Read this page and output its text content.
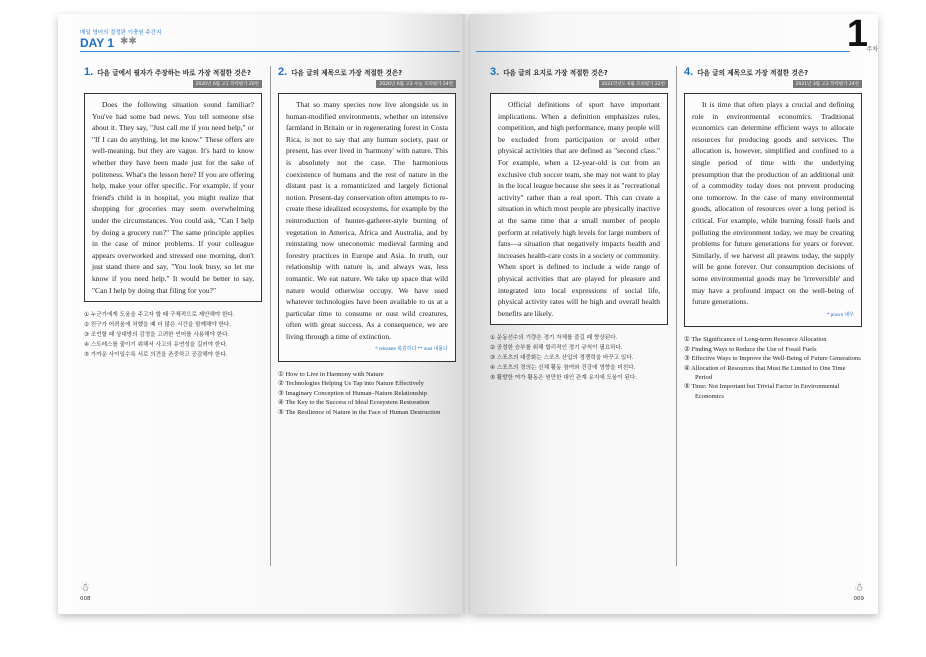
매일 영어의 결정판 이충원 주간지
DAY 1 ✱✱
1. 다음 글에서 필자가 주장하는 바로 가장 적절한 것은?
2020년 6월 고1 학력평가 20번

Does the following situation sound familiar? You've had some bad news. You tell someone else about it. They say, "Just call me if you need help," or "If I can do anything, let me know." These offers are well-meaning, but they are vague. It's hard to know whether they have been made just for the sake of politeness. What's the lesson here? If you are offering help, make your offer specific. For example, if your friend's child is in hospital, you might realize that shopping for groceries may seem overwhelming under the circumstances. You could ask, "Can I help by doing a grocery run?" The same principle applies in the case of minor problems. If your colleague appears overworked and stressed one morning, don't just stand there and say, "You look busy, so let me know if you need help." It would be better to say, "Can I help by doing that filing for you?"

① 누군가에게 도움을 주고자 할 때 구체적으로 제안해야 한다.
② 친구가 어려움에 처했을 때 더 많은 시간을 함께해야 한다.
③ 조언할 때 상대방의 감정을 고려한 언어를 사용해야 한다.
④ 스트레스를 줄이기 위해서 사고의 유연성을 길러야 한다.
⑤ 가까운 사이일수록 서로 의견을 존중하고 공감해야 한다.
2. 다음 글의 제목으로 가장 적절한 것은?
2020년 6월 고3 수능 모의평가 24번

That so many species now live alongside us in human-modified environments, whether on intensive farmland in Britain or in regenerating forest in Costa Rica, is not to say that any human society, past or present, has ever lived in 'harmony' with nature. This is absolutely not the case. The harmonious coexistence of humans and the rest of nature in the distant past is a romanticized and largely fictional notion. Present-day conservation often attempts to re-create these idealized ecosystems, for example by the reintroduction of hunter-gatherer-style burning of vegetation in America, Africa and Australia, and by reinstating now uneconomic medieval farming and forestry practices in Europe and Asia. In truth, our relationship with nature is, and always was, less romantic. We eat nature. We take up space that wild nature would otherwise occupy. We have used whatever technologies have been available to us at a particular time to consume or oust wild creatures, often with great success. As a consequence, we are living through a time of extinction.

* reinstate 복원하다 ** oust 내몰다
① How to Live in Harmony with Nature
② Technologies Helping Us Tap into Nature Effectively
③ Imaginary Conception of Human–Nature Relationship
④ The Key to the Success of Ideal Ecosystem Restoration
⑤ The Resilience of Nature in the Face of Human Destruction
☃
008
1
주차
3. 다음 글의 요지로 가장 적절한 것은?
2021학년도 6월 모의평가 22번

Official definitions of sport have important implications. When a definition emphasizes rules, competition, and high performance, many people will be excluded from participation or avoid other physical activities that are defined as "second class." For example, when a 12-year-old is cut from an exclusive club soccer team, she may not want to play in the local league because she sees it as "recreational activity" rather than a real sport. This can create a situation in which most people are physically inactive at the same time that a small number of people perform at relatively high levels for large numbers of fans—a situation that negatively impacts health and increases health-care costs in a society or community. When sport is defined to include a wide range of physical activities that are played for pleasure and integrated into local expressions of social life, physical activity rates will be high and overall health benefits are likely.

① 운동선수의 기량은 경기 자체를 즐길 때 향상된다.
② 공정한 승부를 위해 합리적인 경기 규칙이 필요하다.
③ 스포츠의 대중화는 스포츠 산업의 경쟁력을 바꾸고 있다.
④ 스포츠의 정의는 신체 활동 참여와 건강에 영향을 미친다.
⑤ 활발한 여가 활동은 원만한 대인 관계 유지에 도움이 된다.
4. 다음 글의 제목으로 가장 적절한 것은?
2021년 3월 고3 학력평가 24번

It is time that often plays a crucial and defining role in environmental economics. Traditional economics can determine efficient ways to allocate resources for producing goods and services. The allocation is, however, simplified and confined to a single period of time with the underlying presumption that the production of an additional unit of a commodity today does not prevent producing one tomorrow. In the case of many environmental goods, allocation of resources over a long period is critical. For example, while burning fossil fuels and polluting the environment today, we may be creating problems for future generations for years or forever. Similarly, if we harvest all prawns today, the supply will be gone forever. Our consumption decisions of some environmental goods may be 'irreversible' and may have a profound impact on the well-being of future generations.

* prawn 새우
① The Significance of Long-term Resource Allocation
② Finding Ways to Reduce the Use of Fossil Fuels
③ Effective Ways to Improve the Well-Being of Future Generations
④ Allocation of Resources that Must Be Limited to One Time Period
⑤ Time: Not Important but Trivial Factor in Environmental Economics
☃
009
